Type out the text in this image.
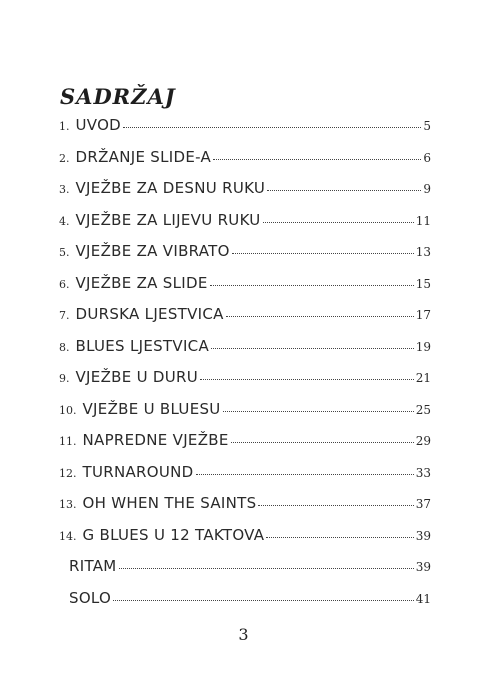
SADRŽAJ
1. UVOD	5
2. DRŽANJE SLIDE-A	6
3. VJEŽBE ZA DESNU RUKU	9
4. VJEŽBE ZA LIJEVU RUKU	11
5. VJEŽBE ZA VIBRATO	13
6. VJEŽBE ZA SLIDE	15
7. DURSKA LJESTVICA	17
8. BLUES LJESTVICA	19
9. VJEŽBE U DURU	21
10. VJEŽBE U BLUESU	25
11. NAPREDNE VJEŽBE	29
12. TURNAROUND	33
13. OH WHEN THE SAINTS	37
14. G BLUES U 12 TAKTOVA	39
RITAM	39
SOLO	41
3
